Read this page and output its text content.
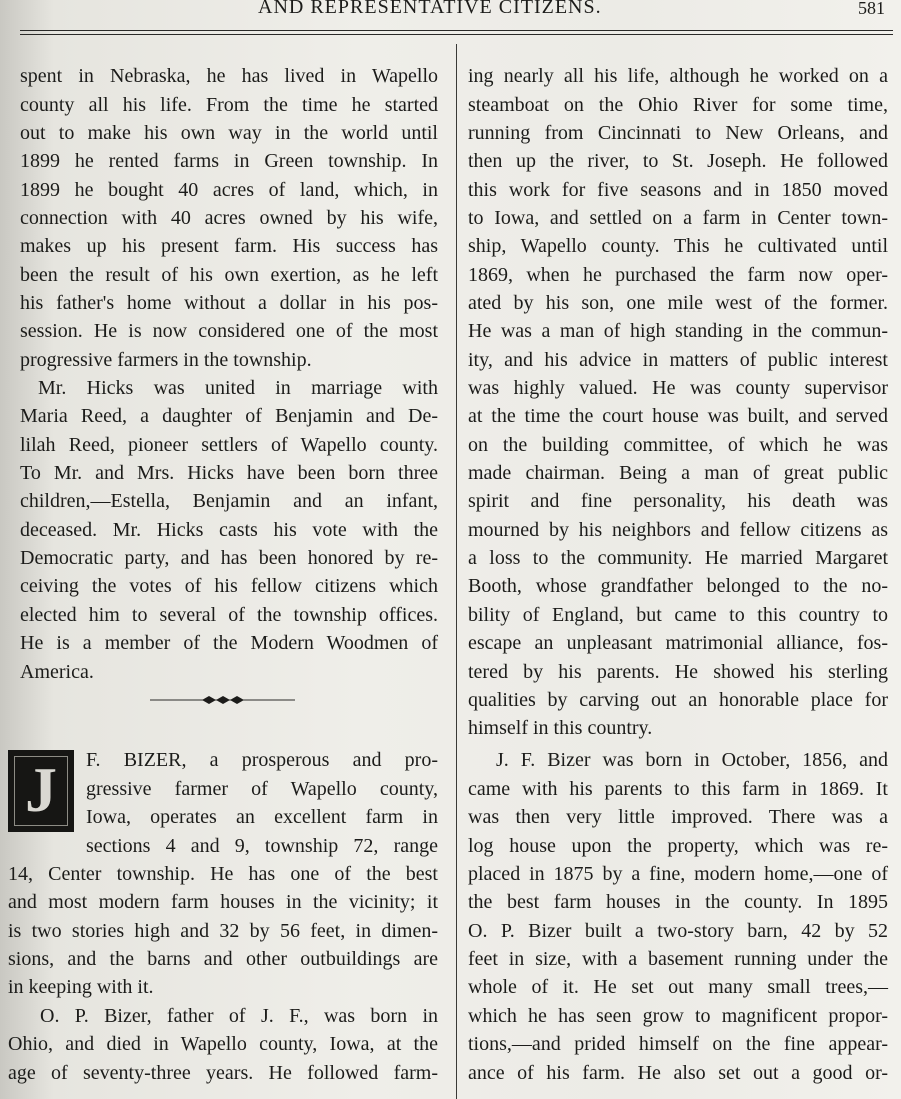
AND REPRESENTATIVE CITIZENS.	581
spent in Nebraska, he has lived in Wapello
county all his life. From the time he started
out to make his own way in the world until
1899 he rented farms in Green township. In
1899 he bought 40 acres of land, which, in
connection with 40 acres owned by his wife,
makes up his present farm. His success has
been the result of his own exertion, as he left
his father's home without a dollar in his pos-
session. He is now considered one of the most
progressive farmers in the township.
Mr. Hicks was united in marriage with
Maria Reed, a daughter of Benjamin and De-
lilah Reed, pioneer settlers of Wapello county.
To Mr. and Mrs. Hicks have been born three
children,—Estella, Benjamin and an infant,
deceased. Mr. Hicks casts his vote with the
Democratic party, and has been honored by re-
ceiving the votes of his fellow citizens which
elected him to several of the township offices.
He is a member of the Modern Woodmen of
America.
J	F. BIZER, a prosperous and pro-
gressive farmer of Wapello county,
Iowa, operates an excellent farm in
sections 4 and 9, township 72, range
14, Center township. He has one of the best
and most modern farm houses in the vicinity; it
is two stories high and 32 by 56 feet, in dimen-
sions, and the barns and other outbuildings are
in keeping with it.
O. P. Bizer, father of J. F., was born in
Ohio, and died in Wapello county, Iowa, at the
age of seventy-three years. He followed farm-
ing nearly all his life, although he worked on a
steamboat on the Ohio River for some time,
running from Cincinnati to New Orleans, and
then up the river, to St. Joseph. He followed
this work for five seasons and in 1850 moved
to Iowa, and settled on a farm in Center town-
ship, Wapello county. This he cultivated until
1869, when he purchased the farm now oper-
ated by his son, one mile west of the former.
He was a man of high standing in the commun-
ity, and his advice in matters of public interest
was highly valued. He was county supervisor
at the time the court house was built, and served
on the building committee, of which he was
made chairman. Being a man of great public
spirit and fine personality, his death was
mourned by his neighbors and fellow citizens as
a loss to the community. He married Margaret
Booth, whose grandfather belonged to the no-
bility of England, but came to this country to
escape an unpleasant matrimonial alliance, fos-
tered by his parents. He showed his sterling
qualities by carving out an honorable place for
himself in this country.
J. F. Bizer was born in October, 1856, and
came with his parents to this farm in 1869. It
was then very little improved. There was a
log house upon the property, which was re-
placed in 1875 by a fine, modern home,—one of
the best farm houses in the county. In 1895
O. P. Bizer built a two-story barn, 42 by 52
feet in size, with a basement running under the
whole of it. He set out many small trees,—
which he has seen grow to magnificent propor-
tions,—and prided himself on the fine appear-
ance of his farm. He also set out a good or-
